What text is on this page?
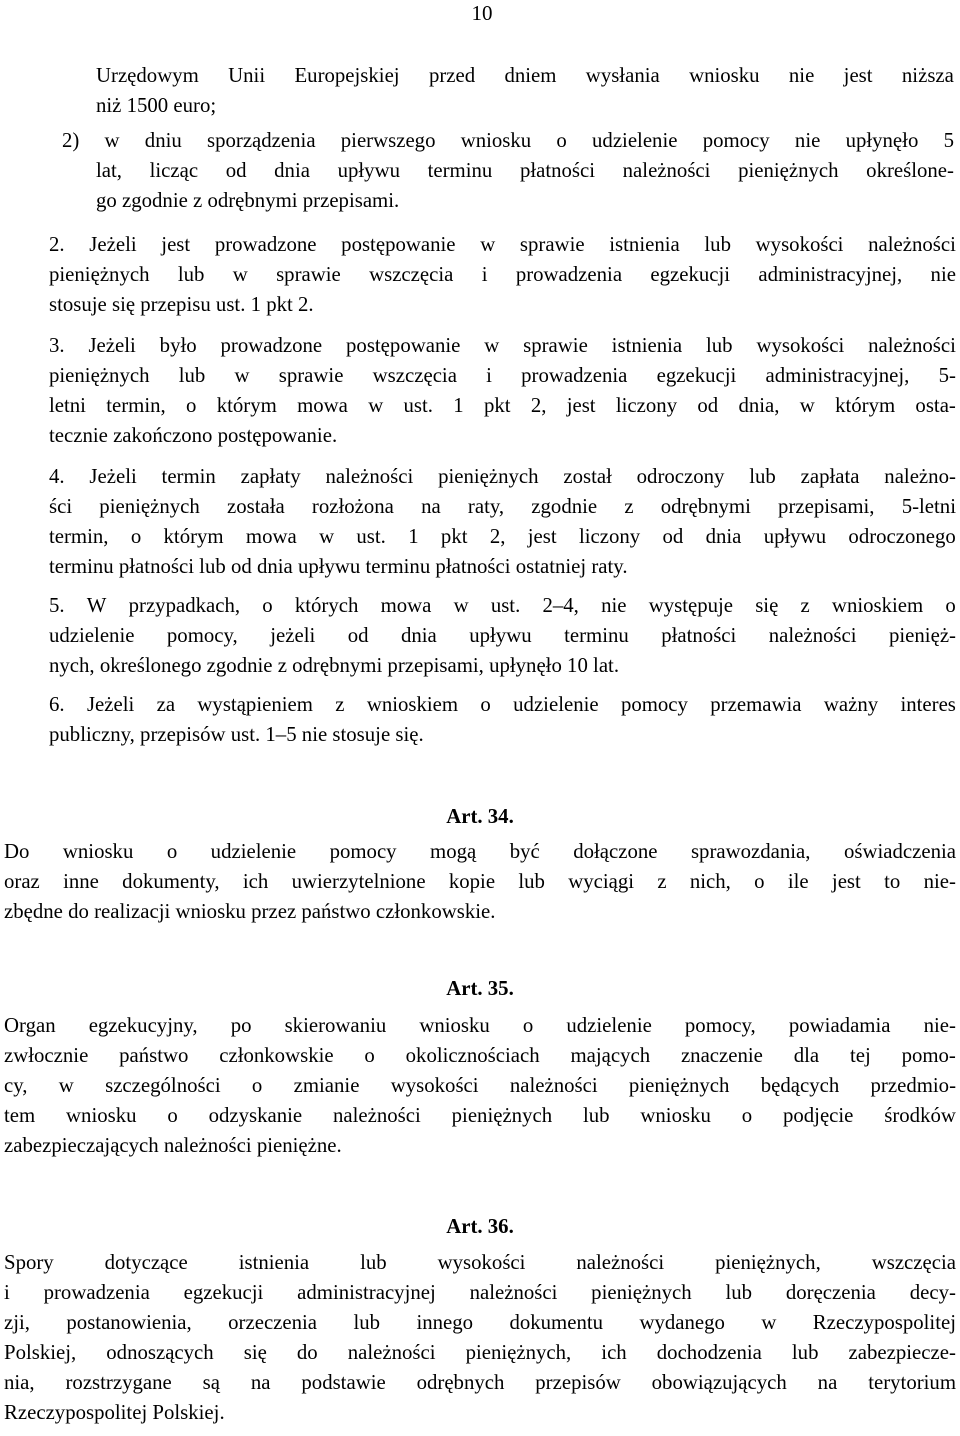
10
Urzędowym Unii Europejskiej przed dniem wysłania wniosku nie jest niższa
niż 1500 euro;
2) w dniu sporządzenia pierwszego wniosku o udzielenie pomocy nie upłynęło 5
lat, licząc od dnia upływu terminu płatności należności pieniężnych określone-
go zgodnie z odrębnymi przepisami.
2. Jeżeli jest prowadzone postępowanie w sprawie istnienia lub wysokości należności
pieniężnych lub w sprawie wszczęcia i prowadzenia egzekucji administracyjnej, nie
stosuje się przepisu ust. 1 pkt 2.
3. Jeżeli było prowadzone postępowanie w sprawie istnienia lub wysokości należności
pieniężnych lub w sprawie wszczęcia i prowadzenia egzekucji administracyjnej, 5-
letni termin, o którym mowa w ust. 1 pkt 2, jest liczony od dnia, w którym osta-
tecznie zakończono postępowanie.
4. Jeżeli termin zapłaty należności pieniężnych został odroczony lub zapłata należno-
ści pieniężnych została rozłożona na raty, zgodnie z odrębnymi przepisami, 5-letni
termin, o którym mowa w ust. 1 pkt 2, jest liczony od dnia upływu odroczonego
terminu płatności lub od dnia upływu terminu płatności ostatniej raty.
5. W przypadkach, o których mowa w ust. 2–4, nie występuje się z wnioskiem o
udzielenie pomocy, jeżeli od dnia upływu terminu płatności należności pienięż-
nych, określonego zgodnie z odrębnymi przepisami, upłynęło 10 lat.
6. Jeżeli za wystąpieniem z wnioskiem o udzielenie pomocy przemawia ważny interes
publiczny, przepisów ust. 1–5 nie stosuje się.
Art. 34.
Do wniosku o udzielenie pomocy mogą być dołączone sprawozdania, oświadczenia
oraz inne dokumenty, ich uwierzytelnione kopie lub wyciągi z nich, o ile jest to nie-
zbędne do realizacji wniosku przez państwo członkowskie.
Art. 35.
Organ egzekucyjny, po skierowaniu wniosku o udzielenie pomocy, powiadamia nie-
zwłocznie państwo członkowskie o okolicznościach mających znaczenie dla tej pomo-
cy, w szczególności o zmianie wysokości należności pieniężnych będących przedmio-
tem wniosku o odzyskanie należności pieniężnych lub wniosku o podjęcie środków
zabezpieczających należności pieniężne.
Art. 36.
Spory dotyczące istnienia lub wysokości należności pieniężnych, wszczęcia
i prowadzenia egzekucji administracyjnej należności pieniężnych lub doręczenia decy-
zji, postanowienia, orzeczenia lub innego dokumentu wydanego w Rzeczypospolitej
Polskiej, odnoszących się do należności pieniężnych, ich dochodzenia lub zabezpiecze-
nia, rozstrzygane są na podstawie odrębnych przepisów obowiązujących na terytorium
Rzeczypospolitej Polskiej.
